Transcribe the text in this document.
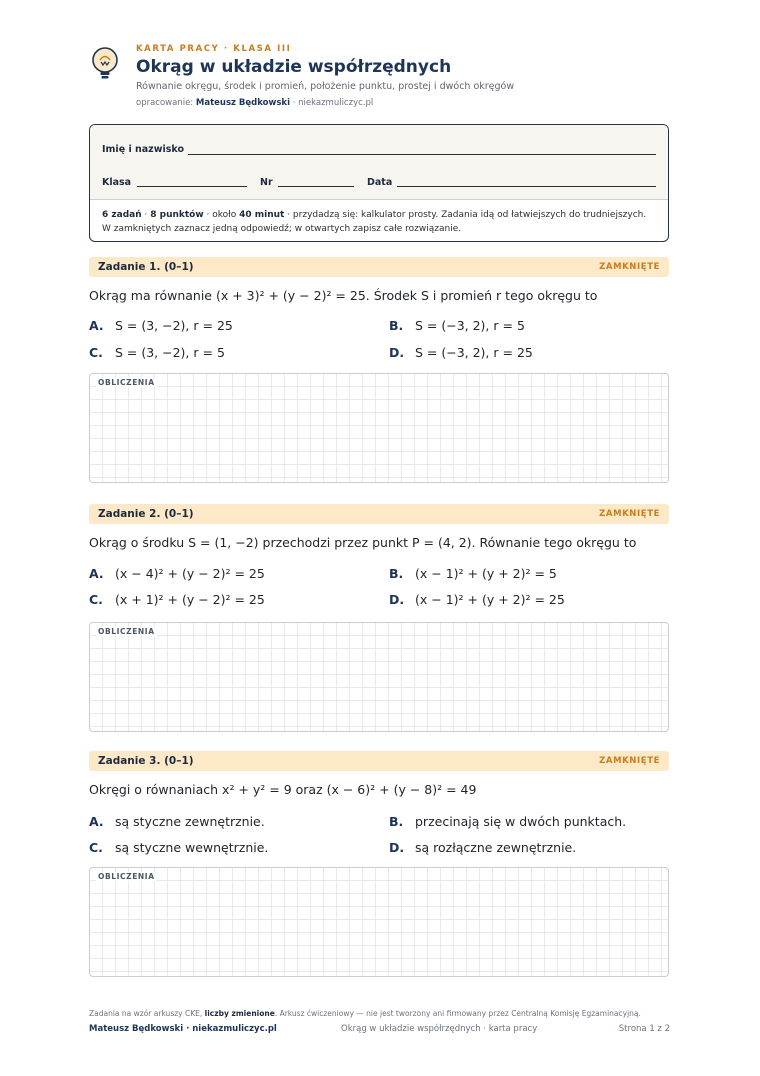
KARTA PRACY · KLASA III
Okrąg w układzie współrzędnych
Równanie okręgu, środek i promień, położenie punktu, prostej i dwóch okręgów
opracowanie: Mateusz Będkowski · niekazmuliczyc.pl
Imię i nazwisko
Klasa	Nr	Data
6 zadań · 8 punktów · około 40 minut · przydadzą się: kalkulator prosty. Zadania idą od łatwiejszych do trudniejszych. W zamkniętych zaznacz jedną odpowiedź; w otwartych zapisz całe rozwiązanie.
Zadanie 1. (0–1)	ZAMKNIĘTE
Okrąg ma równanie (x + 3)² + (y − 2)² = 25. Środek S i promień r tego okręgu to
A. S = (3, −2), r = 25	B. S = (−3, 2), r = 5
C. S = (3, −2), r = 5	D. S = (−3, 2), r = 25
OBLICZENIA
Zadanie 2. (0–1)	ZAMKNIĘTE
Okrąg o środku S = (1, −2) przechodzi przez punkt P = (4, 2). Równanie tego okręgu to
A. (x − 4)² + (y − 2)² = 25	B. (x − 1)² + (y + 2)² = 5
C. (x + 1)² + (y − 2)² = 25	D. (x − 1)² + (y + 2)² = 25
OBLICZENIA
Zadanie 3. (0–1)	ZAMKNIĘTE
Okręgi o równaniach x² + y² = 9 oraz (x − 6)² + (y − 8)² = 49
A. są styczne zewnętrznie.	B. przecinają się w dwóch punktach.
C. są styczne wewnętrznie.	D. są rozłączne zewnętrznie.
OBLICZENIA
Zadania na wzór arkuszy CKE, liczby zmienione. Arkusz ćwiczeniowy — nie jest tworzony ani firmowany przez Centralną Komisję Egzaminacyjną.
Mateusz Będkowski · niekazmuliczyc.pl	Okrąg w układzie współrzędnych · karta pracy	Strona 1 z 2
